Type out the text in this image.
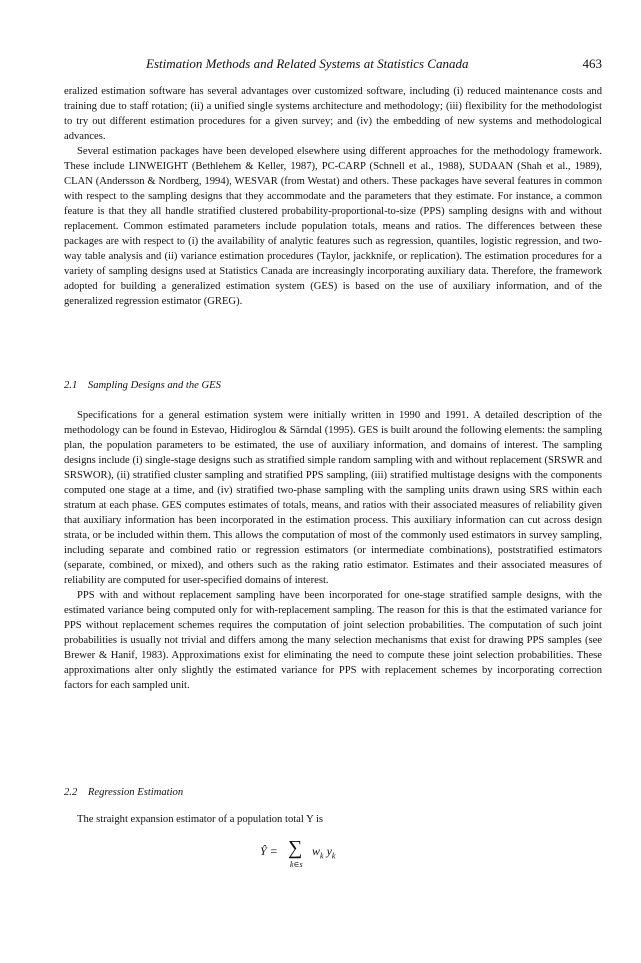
Estimation Methods and Related Systems at Statistics Canada	463

eralized estimation software has several advantages over customized software, including (i) reduced maintenance costs and training due to staff rotation; (ii) a unified single systems architecture and methodology; (iii) flexibility for the methodologist to try out different estimation procedures for a given survey; and (iv) the embedding of new systems and methodological advances.

Several estimation packages have been developed elsewhere using different approaches for the methodology framework. These include LINWEIGHT (Bethlehem & Keller, 1987), PC-CARP (Schnell et al., 1988), SUDAAN (Shah et al., 1989), CLAN (Andersson & Nordberg, 1994), WESVAR (from Westat) and others. These packages have several features in common with respect to the sampling designs that they accommodate and the parameters that they estimate. For instance, a common feature is that they all handle stratified clustered probability-proportional-to-size (PPS) sampling designs with and without replacement. Common estimated parameters include population totals, means and ratios. The differences between these packages are with respect to (i) the availability of analytic features such as regression, quantiles, logistic regression, and two-way table analysis and (ii) variance estimation procedures (Taylor, jackknife, or replication). The estimation procedures for a variety of sampling designs used at Statistics Canada are increasingly incorporating auxiliary data. Therefore, the framework adopted for building a generalized estimation system (GES) is based on the use of auxiliary information, and of the generalized regression estimator (GREG).

2.1 Sampling Designs and the GES

Specifications for a general estimation system were initially written in 1990 and 1991. A detailed description of the methodology can be found in Estevao, Hidiroglou & Särndal (1995). GES is built around the following elements: the sampling plan, the population parameters to be estimated, the use of auxiliary information, and domains of interest. The sampling designs include (i) single-stage designs such as stratified simple random sampling with and without replacement (SRSWR and SRSWOR), (ii) stratified cluster sampling and stratified PPS sampling, (iii) stratified multistage designs with the components computed one stage at a time, and (iv) stratified two-phase sampling with the sampling units drawn using SRS within each stratum at each phase. GES computes estimates of totals, means, and ratios with their associated measures of reliability given that auxiliary information has been incorporated in the estimation process. This auxiliary information can cut across design strata, or be included within them. This allows the computation of most of the commonly used estimators in survey sampling, including separate and combined ratio or regression estimators (or intermediate combinations), poststratified estimators (separate, combined, or mixed), and others such as the raking ratio estimator. Estimates and their associated measures of reliability are computed for user-specified domains of interest.

PPS with and without replacement sampling have been incorporated for one-stage stratified sample designs, with the estimated variance being computed only for with-replacement sampling. The reason for this is that the estimated variance for PPS without replacement schemes requires the computation of joint selection probabilities. The computation of such joint probabilities is usually not trivial and differs among the many selection mechanisms that exist for drawing PPS samples (see Brewer & Hanif, 1983). Approximations exist for eliminating the need to compute these joint selection probabilities. These approximations alter only slightly the estimated variance for PPS with replacement schemes by incorporating correction factors for each sampled unit.

2.2 Regression Estimation

The straight expansion estimator of a population total Y is

Ŷ = ∑
k∈s
$w_k$ $y_k$
